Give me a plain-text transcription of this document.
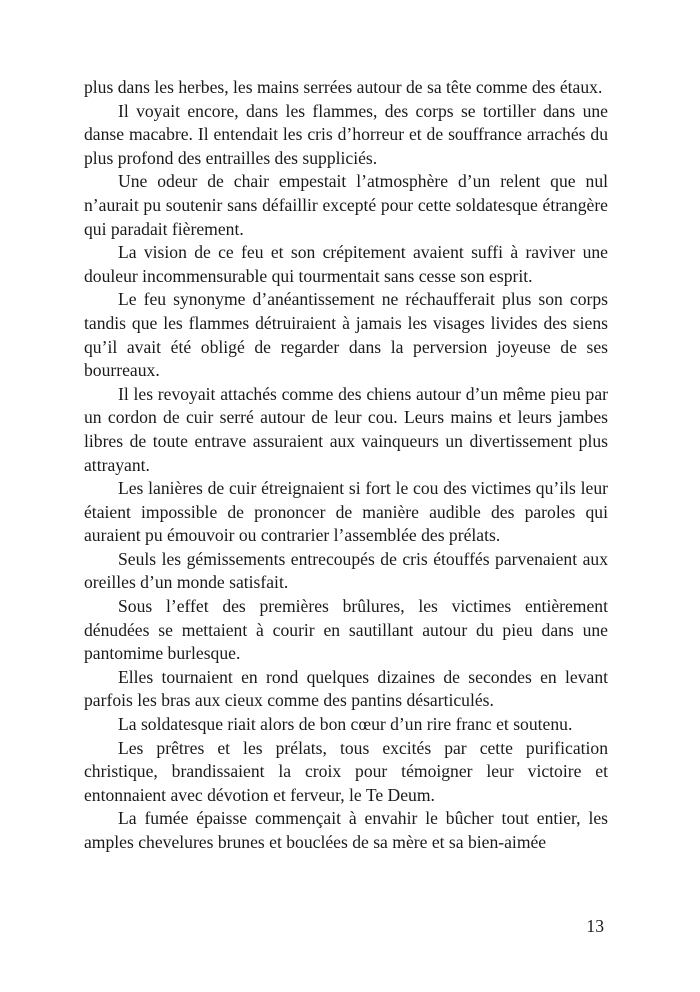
plus dans les herbes, les mains serrées autour de sa tête comme des étaux.

Il voyait encore, dans les flammes, des corps se tortiller dans une danse macabre. Il entendait les cris d’horreur et de souffrance arrachés du plus profond des entrailles des suppliciés.

Une odeur de chair empestait l’atmosphère d’un relent que nul n’aurait pu soutenir sans défaillir excepté pour cette soldatesque étrangère qui paradait fièrement.

La vision de ce feu et son crépitement avaient suffi à raviver une douleur incommensurable qui tourmentait sans cesse son esprit.

Le feu synonyme d’anéantissement ne réchaufferait plus son corps tandis que les flammes détruiraient à jamais les visages livides des siens qu’il avait été obligé de regarder dans la perversion joyeuse de ses bourreaux.

Il les revoyait attachés comme des chiens autour d’un même pieu par un cordon de cuir serré autour de leur cou. Leurs mains et leurs jambes libres de toute entrave assuraient aux vainqueurs un divertissement plus attrayant.

Les lanières de cuir étreignaient si fort le cou des victimes qu’ils leur étaient impossible de prononcer de manière audible des paroles qui auraient pu émouvoir ou contrarier l’assemblée des prélats.

Seuls les gémissements entrecoupés de cris étouffés parvenaient aux oreilles d’un monde satisfait.

Sous l’effet des premières brûlures, les victimes entièrement dénudées se mettaient à courir en sautillant autour du pieu dans une pantomime burlesque.

Elles tournaient en rond quelques dizaines de secondes en levant parfois les bras aux cieux comme des pantins désarticulés.

La soldatesque riait alors de bon cœur d’un rire franc et soutenu.

Les prêtres et les prélats, tous excités par cette purification christique, brandissaient la croix pour témoigner leur victoire et entonnaient avec dévotion et ferveur, le Te Deum.

La fumée épaisse commençait à envahir le bûcher tout entier, les amples chevelures brunes et bouclées de sa mère et sa bien-aimée

13
